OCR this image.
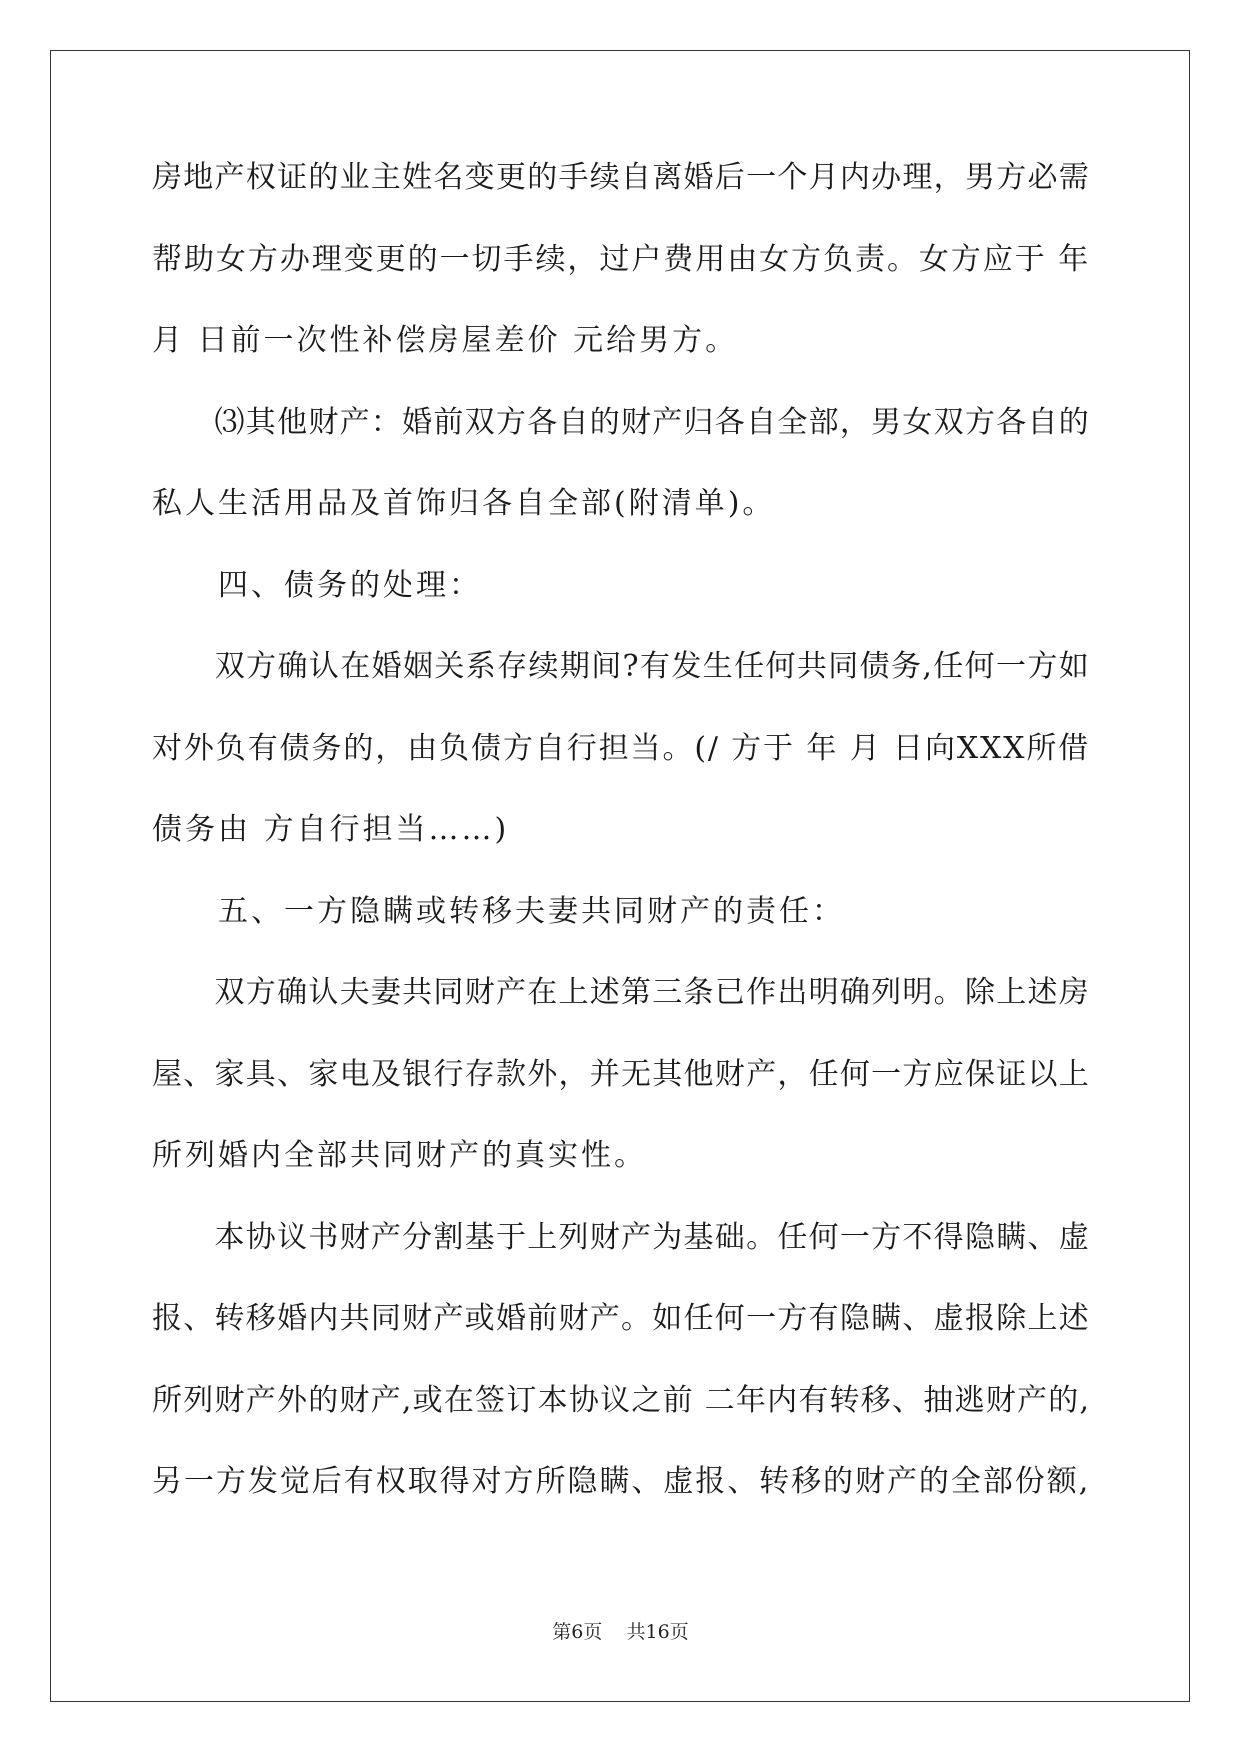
房地产权证的业主姓名变更的手续自离婚后一个月内办理，男方必需
帮助女方办理变更的一切手续，过户费用由女方负责。女方应于 年
月 日前一次性补偿房屋差价 元给男方。
　　⑶其他财产：婚前双方各自的财产归各自全部，男女双方各自的
私人生活用品及首饰归各自全部(附清单)。
　　四、债务的处理：
　　双方确认在婚姻关系存续期间?有发生任何共同债务,任何一方如
对外负有债务的，由负债方自行担当。(/ 方于 年 月 日向XXX所借
债务由 方自行担当……)
　　五、一方隐瞒或转移夫妻共同财产的责任：
　　双方确认夫妻共同财产在上述第三条已作出明确列明。除上述房
屋、家具、家电及银行存款外，并无其他财产，任何一方应保证以上
所列婚内全部共同财产的真实性。
　　本协议书财产分割基于上列财产为基础。任何一方不得隐瞒、虚
报、转移婚内共同财产或婚前财产。如任何一方有隐瞒、虚报除上述
所列财产外的财产,或在签订本协议之前 二年内有转移、抽逃财产的,
另一方发觉后有权取得对方所隐瞒、虚报、转移的财产的全部份额,
第6页 共16页
